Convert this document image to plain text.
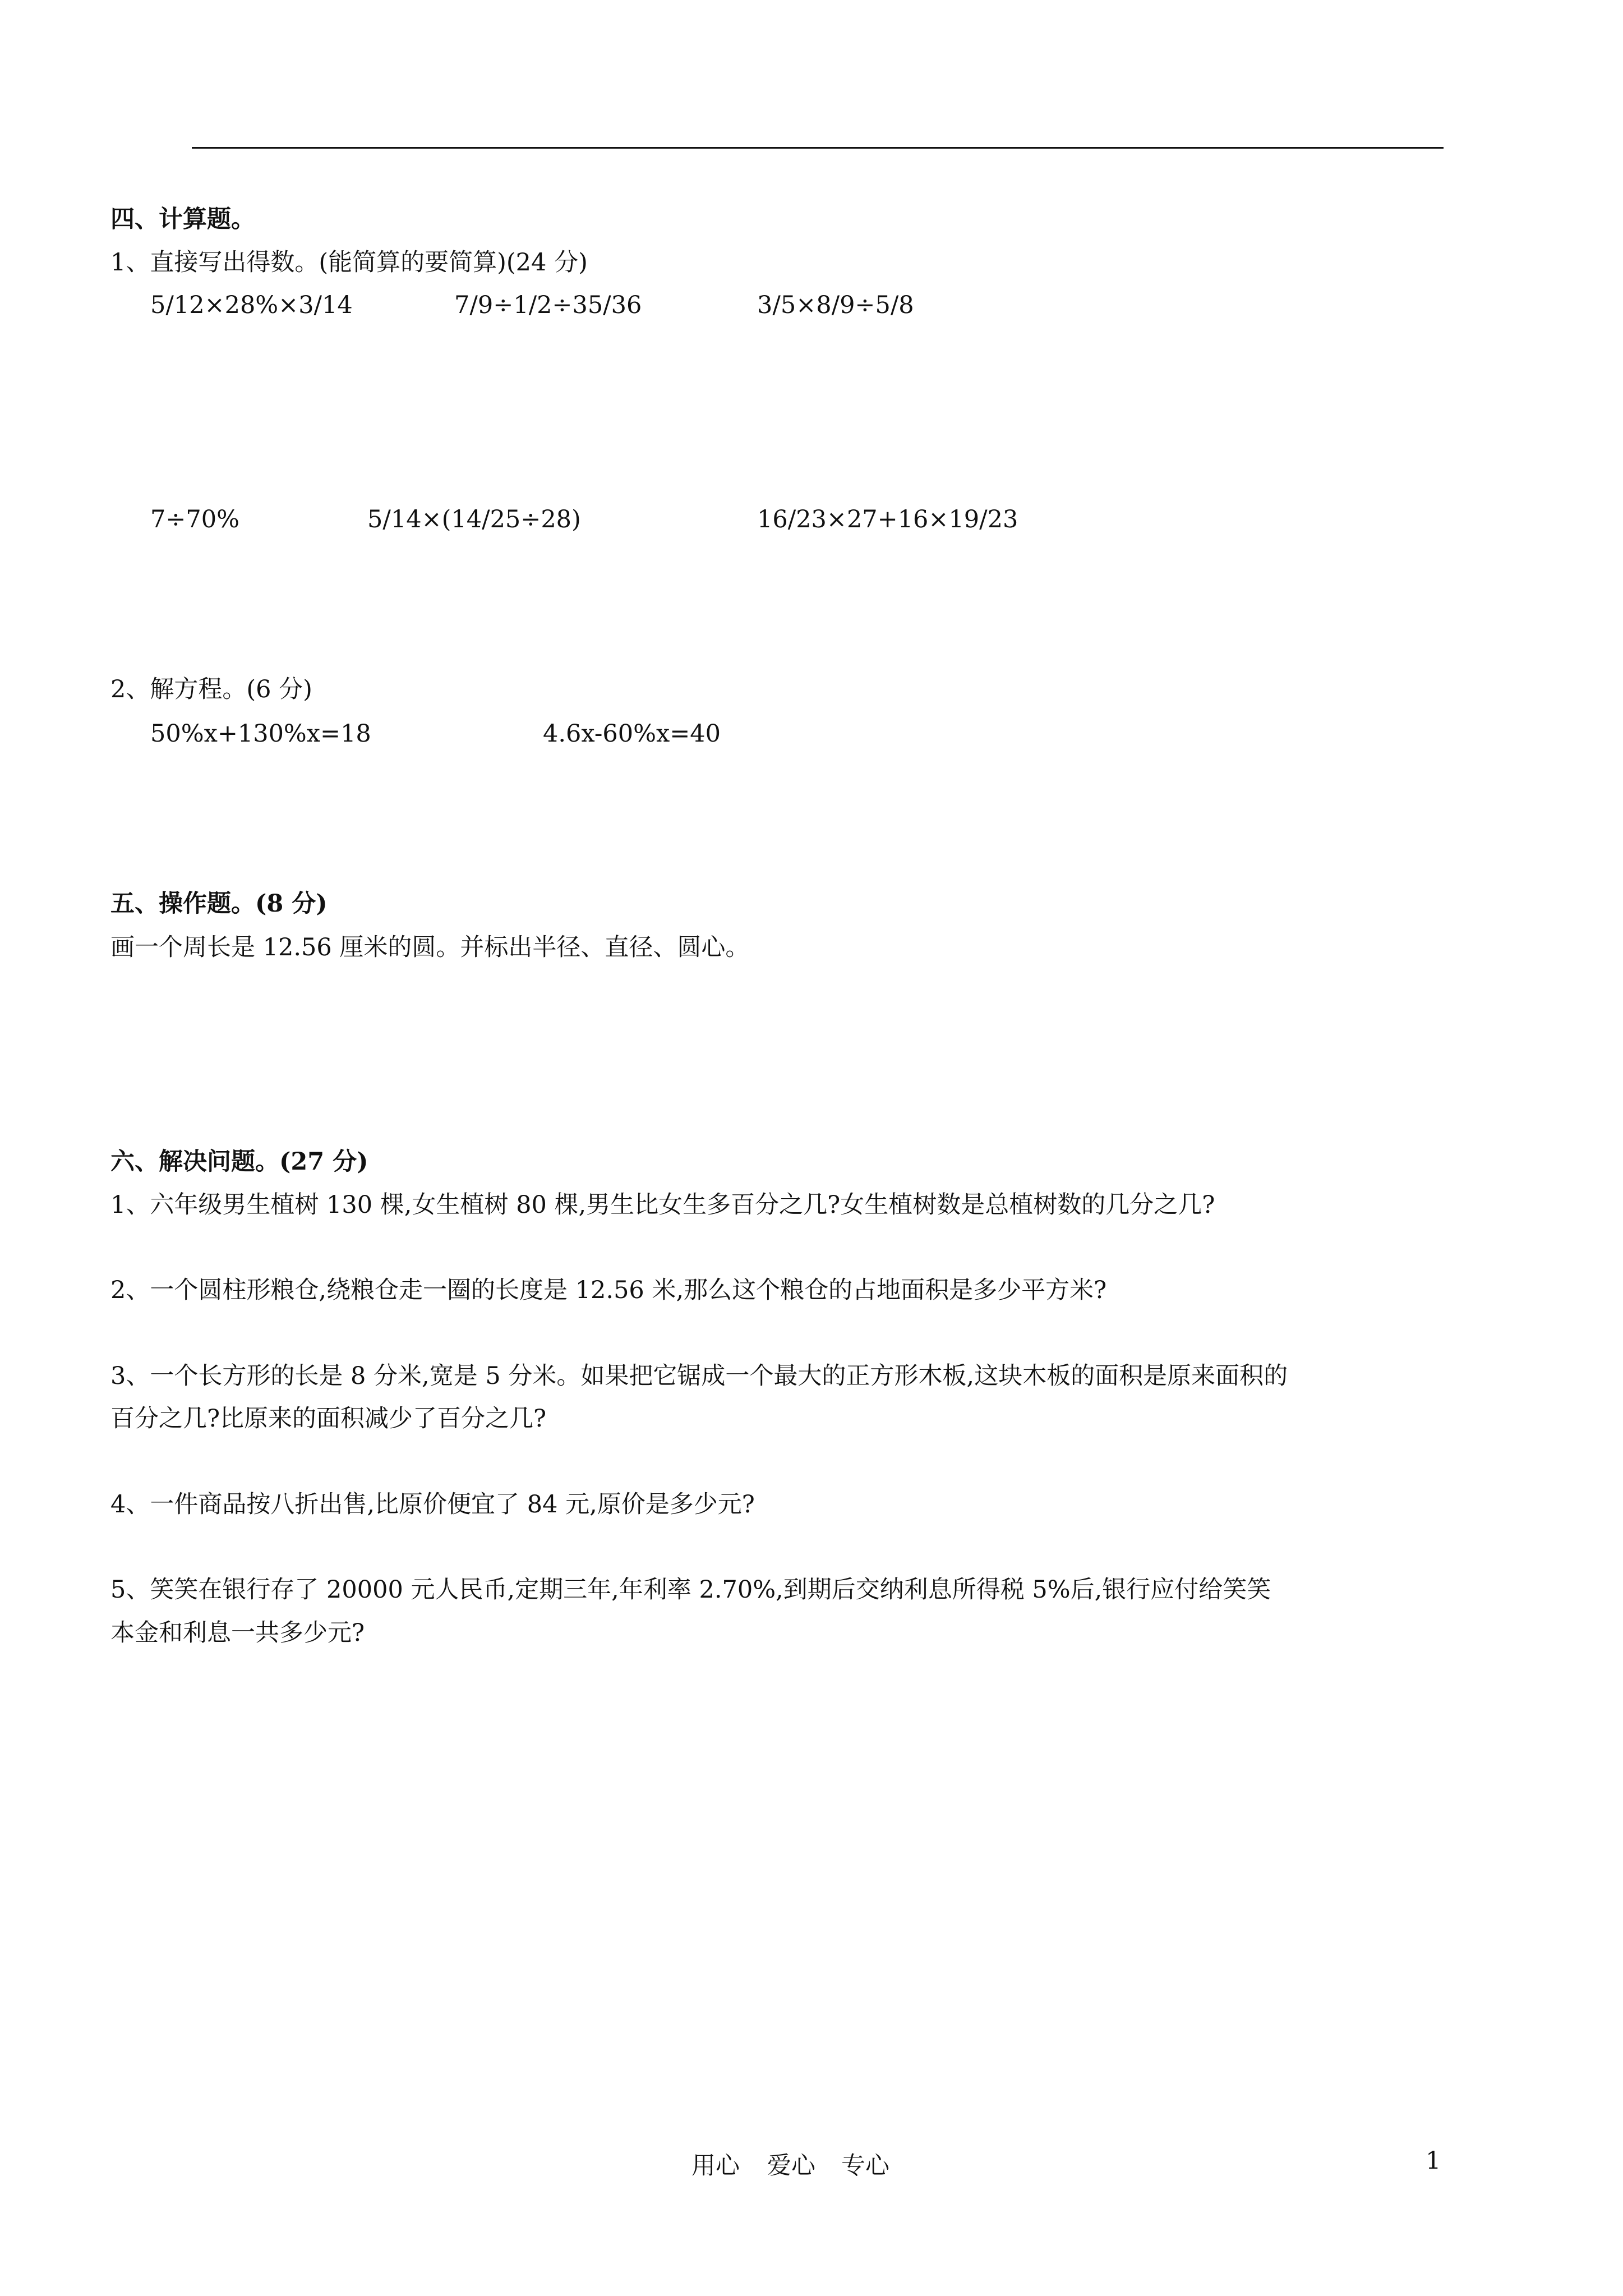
四、计算题。
1、直接写出得数。(能简算的要简算)(24 分)
5/12×28%×3/14	7/9÷1/2÷35/36	3/5×8/9÷5/8
7÷70%	5/14×(14/25÷28)	16/23×27+16×19/23
2、解方程。(6 分)
50%x+130%x=18	4.6x-60%x=40
五、操作题。(8 分)
画一个周长是 12.56 厘米的圆。并标出半径、直径、圆心。
六、解决问题。(27 分)
1、六年级男生植树 130 棵,女生植树 80 棵,男生比女生多百分之几?女生植树数是总植树数的几分之几?
2、一个圆柱形粮仓,绕粮仓走一圈的长度是 12.56 米,那么这个粮仓的占地面积是多少平方米?
3、一个长方形的长是 8 分米,宽是 5 分米。如果把它锯成一个最大的正方形木板,这块木板的面积是原来面积的
百分之几?比原来的面积减少了百分之几?
4、一件商品按八折出售,比原价便宜了 84 元,原价是多少元?
5、笑笑在银行存了 20000 元人民币,定期三年,年利率 2.70%,到期后交纳利息所得税 5%后,银行应付给笑笑
本金和利息一共多少元?
用心 爱心 专心	1
